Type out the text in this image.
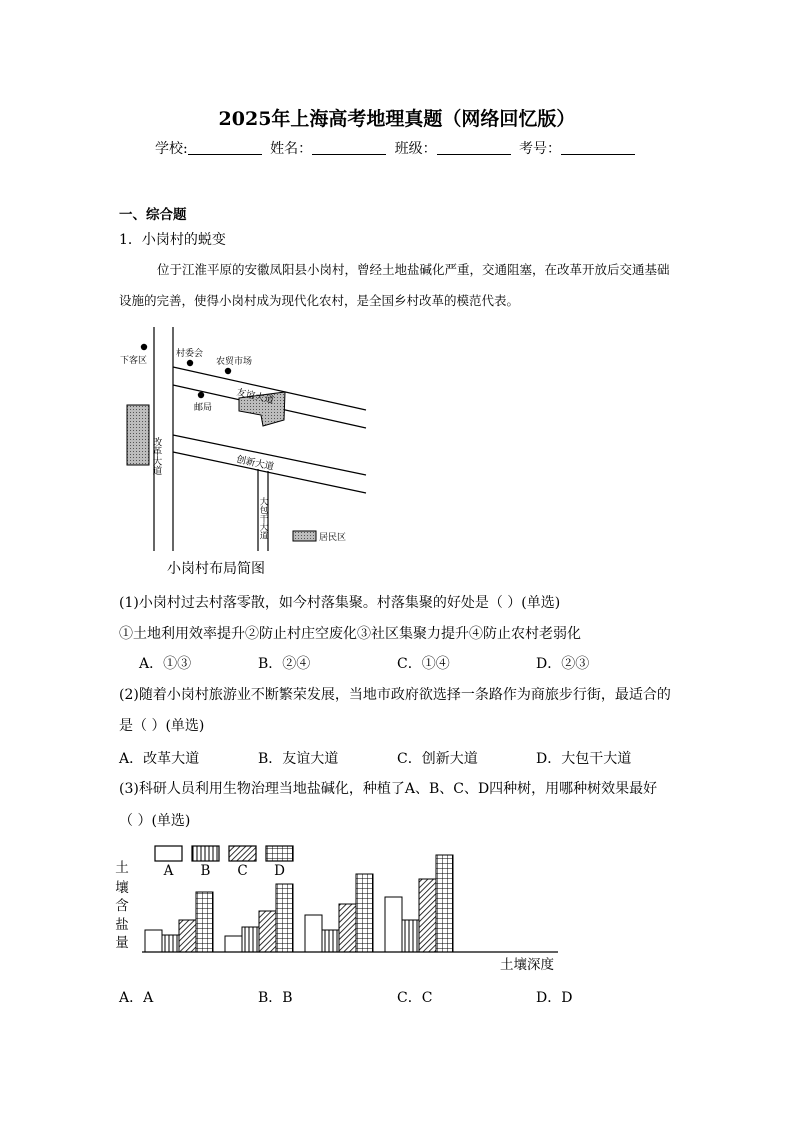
2025年上海高考地理真题（网络回忆版）
学校:	姓名：	班级：	考号：
一、综合题
1．小岗村的蜕变
位于江淮平原的安徽凤阳县小岗村，曾经土地盐碱化严重，交通阻塞，在改革开放后交通基础设施的完善，使得小岗村成为现代化农村，是全国乡村改革的模范代表。
下客区
村委会
农贸市场
邮局
友谊大道
创新大道
改革大道
大包干大道	居民区
小岗村布局简图
(1)小岗村过去村落零散，如今村落集聚。村落集聚的好处是（ ）(单选)
①土地利用效率提升②防止村庄空废化③社区集聚力提升④防止农村老弱化
A．①③	B．②④	C．①④	D．②③
(2)随着小岗村旅游业不断繁荣发展，当地市政府欲选择一条路作为商旅步行街，最适合的
是（ ）(单选)
A．改革大道	B．友谊大道	C．创新大道	D．大包干大道
(3)科研人员利用生物治理当地盐碱化，种植了A、B、C、D四种树，用哪种树效果最好
（ ）(单选)
A B C D
土
壤
含
盐
量
土壤深度
A．A	B．B	C．C	D．D
